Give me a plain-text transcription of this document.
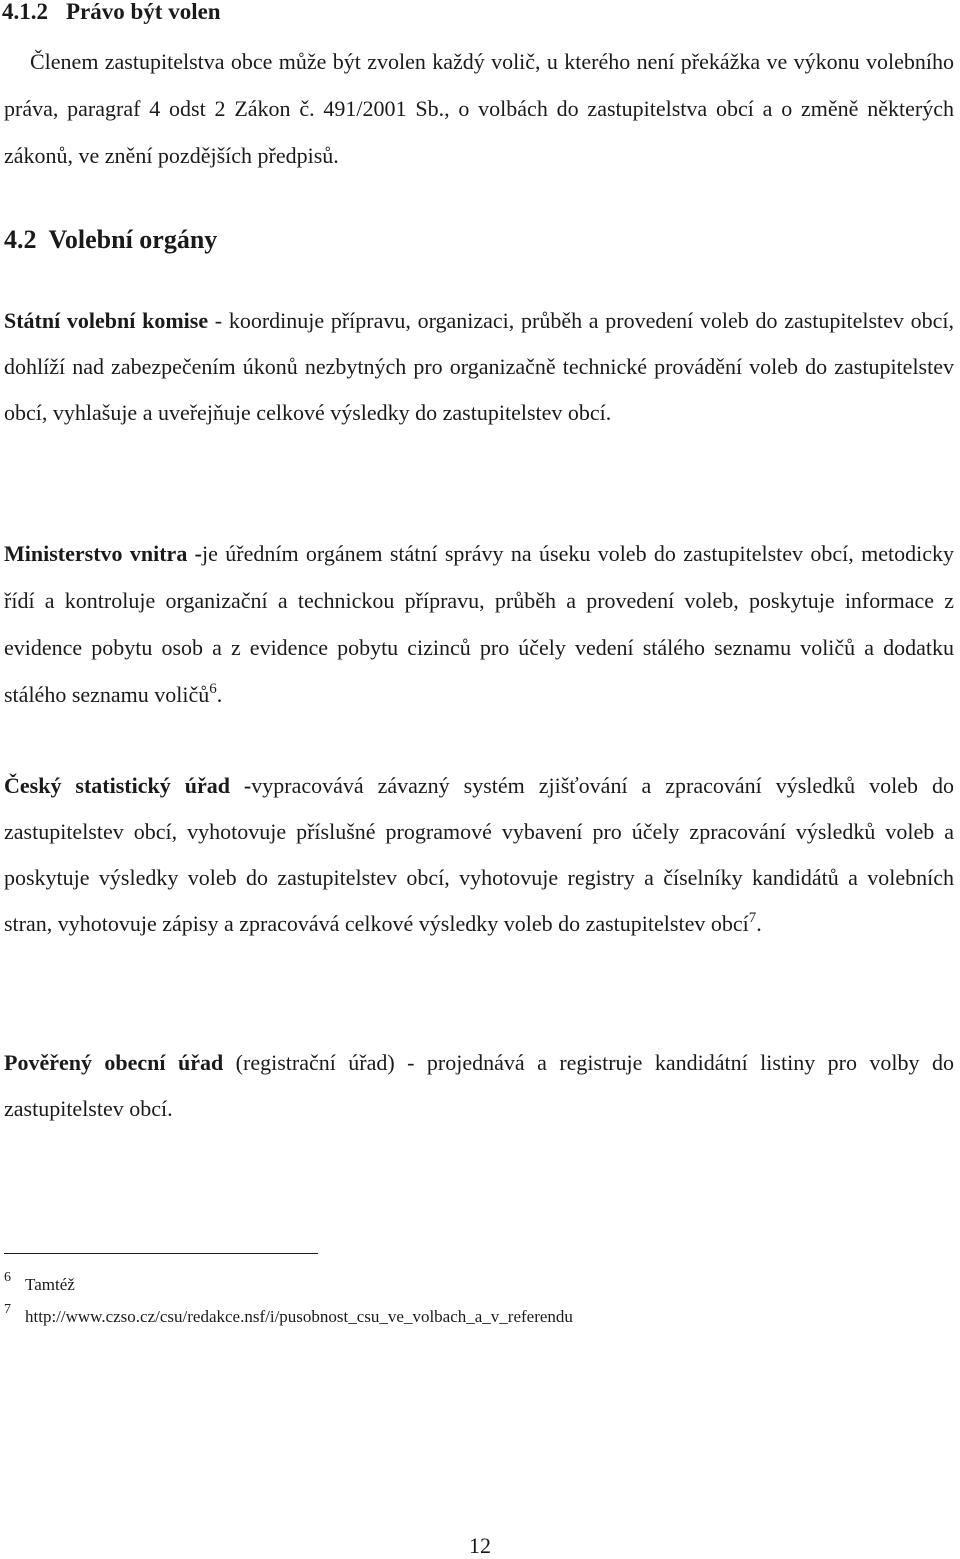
4.1.2 Právo být volen

Členem zastupitelstva obce může být zvolen každý volič, u kterého není překážka ve výkonu volebního práva, paragraf 4 odst 2 Zákon č. 491/2001 Sb., o volbách do zastupitelstva obcí a o změně některých zákonů, ve znění pozdějších předpisů.

4.2 Volební orgány

Státní volební komise - koordinuje přípravu, organizaci, průběh a provedení voleb do zastupitelstev obcí, dohlíží nad zabezpečením úkonů nezbytných pro organizačně technické provádění voleb do zastupitelstev obcí, vyhlašuje a uveřejňuje celkové výsledky do zastupitelstev obcí.

Ministerstvo vnitra -je úředním orgánem státní správy na úseku voleb do zastupitelstev obcí, metodicky řídí a kontroluje organizační a technickou přípravu, průběh a provedení voleb, poskytuje informace z evidence pobytu osob a z evidence pobytu cizinců pro účely vedení stálého seznamu voličů a dodatku stálého seznamu voličů$^6$.

Český statistický úřad -vypracovává závazný systém zjišťování a zpracování výsledků voleb do zastupitelstev obcí, vyhotovuje příslušné programové vybavení pro účely zpracování výsledků voleb a poskytuje výsledky voleb do zastupitelstev obcí, vyhotovuje registry a číselníky kandidátů a volebních stran, vyhotovuje zápisy a zpracovává celkové výsledky voleb do zastupitelstev obcí$^7$.

Pověřený obecní úřad (registrační úřad) - projednává a registruje kandidátní listiny pro volby do zastupitelstev obcí.

$^6$ Tamtéž
$^7$ http://www.czso.cz/csu/redakce.nsf/i/pusobnost_csu_ve_volbach_a_v_referendu
12
